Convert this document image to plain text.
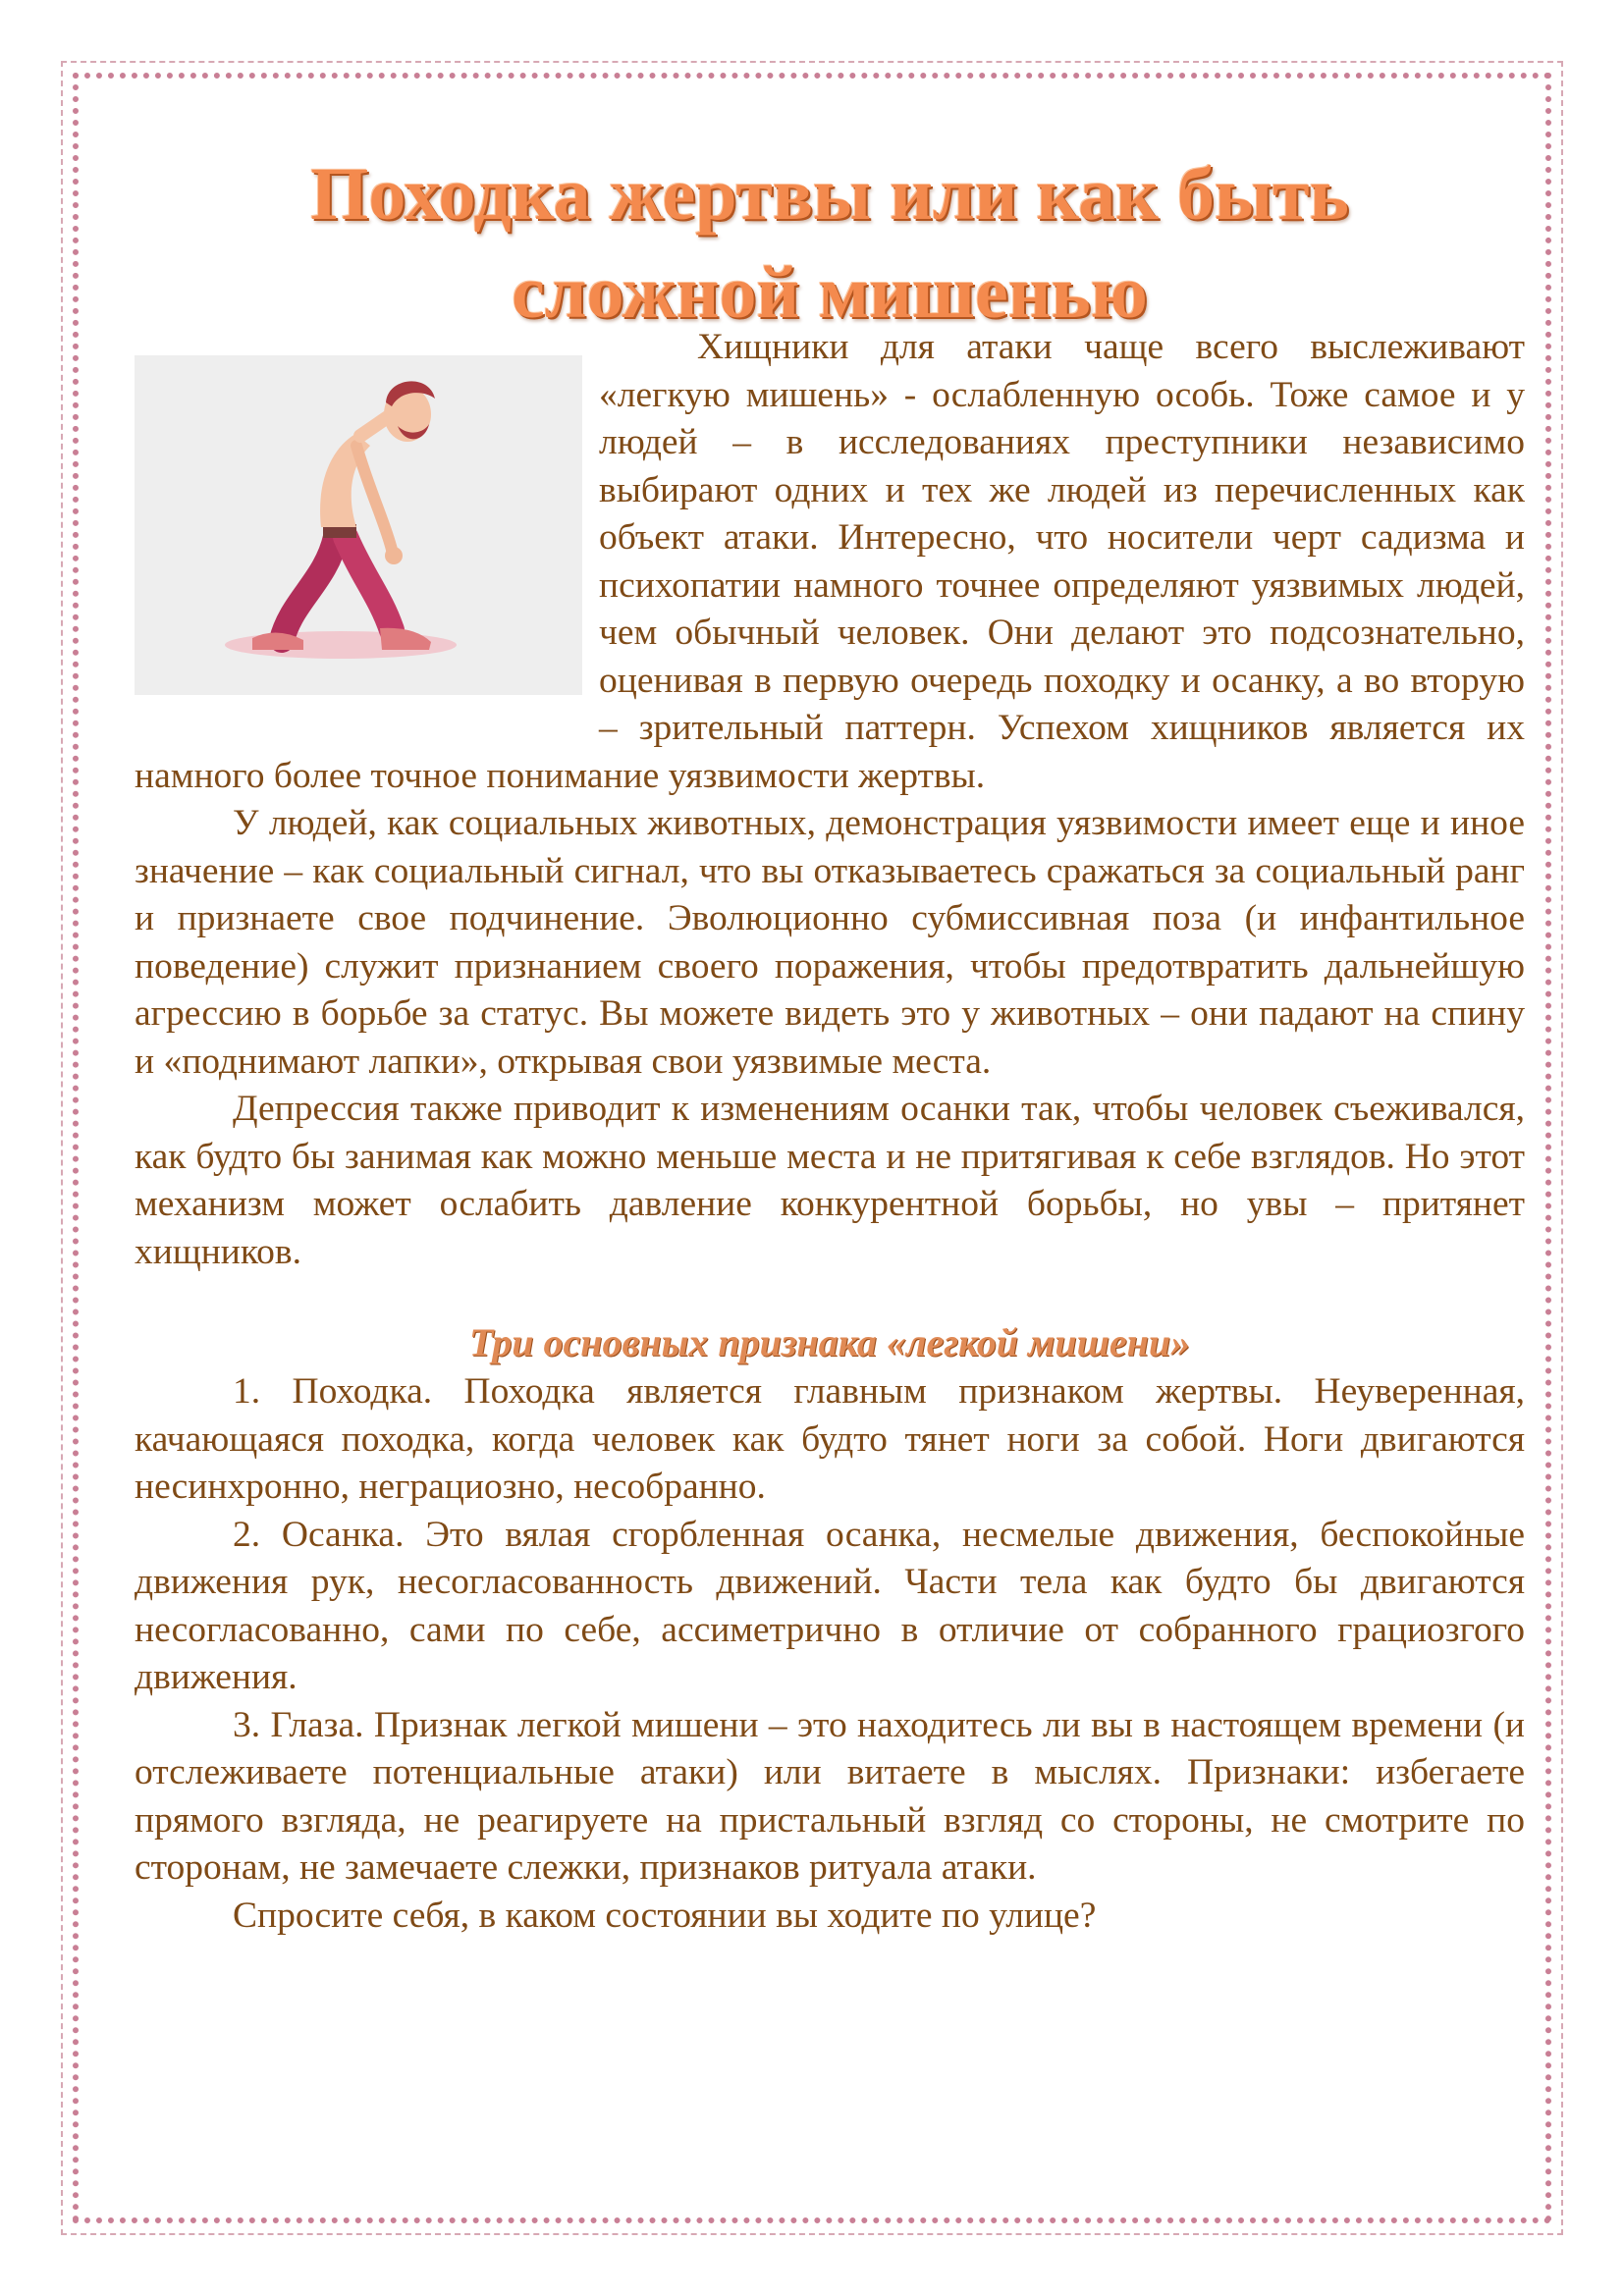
Походка жертвы или как быть
сложной мишенью

Хищники для атаки чаще всего выслеживают «легкую мишень» - ослабленную особь. Тоже самое и у людей – в исследованиях преступники независимо выбирают одних и тех же людей из перечисленных как объект атаки. Интересно, что носители черт садизма и психопатии намного точнее определяют уязвимых людей, чем обычный человек. Они делают это подсознательно, оценивая в первую очередь походку и осанку, а во вторую – зрительный паттерн. Успехом хищников является их намного более точное понимание уязвимости жертвы.

У людей, как социальных животных, демонстрация уязвимости имеет еще и иное значение – как социальный сигнал, что вы отказываетесь сражаться за социальный ранг и признаете свое подчинение. Эволюционно субмиссивная поза (и инфантильное поведение) служит признанием своего поражения, чтобы предотвратить дальнейшую агрессию в борьбе за статус. Вы можете видеть это у животных – они падают на спину и «поднимают лапки», открывая свои уязвимые места.

Депрессия также приводит к изменениям осанки так, чтобы человек съеживался, как будто бы занимая как можно меньше места и не притягивая к себе взглядов. Но этот механизм может ослабить давление конкурентной борьбы, но увы – притянет хищников.

Три основных признака «легкой мишени»

1. Походка. Походка является главным признаком жертвы. Неуверенная, качающаяся походка, когда человек как будто тянет ноги за собой. Ноги двигаются несинхронно, неграциозно, несобранно.

2. Осанка. Это вялая сгорбленная осанка, несмелые движения, беспокойные движения рук, несогласованность движений. Части тела как будто бы двигаются несогласованно, сами по себе, ассиметрично в отличие от собранного грациозгого движения.

3. Глаза. Признак легкой мишени – это находитесь ли вы в настоящем времени (и отслеживаете потенциальные атаки) или витаете в мыслях. Признаки: избегаете прямого взгляда, не реагируете на пристальный взгляд со стороны, не смотрите по сторонам, не замечаете слежки, признаков ритуала атаки.

Спросите себя, в каком состоянии вы ходите по улице?
